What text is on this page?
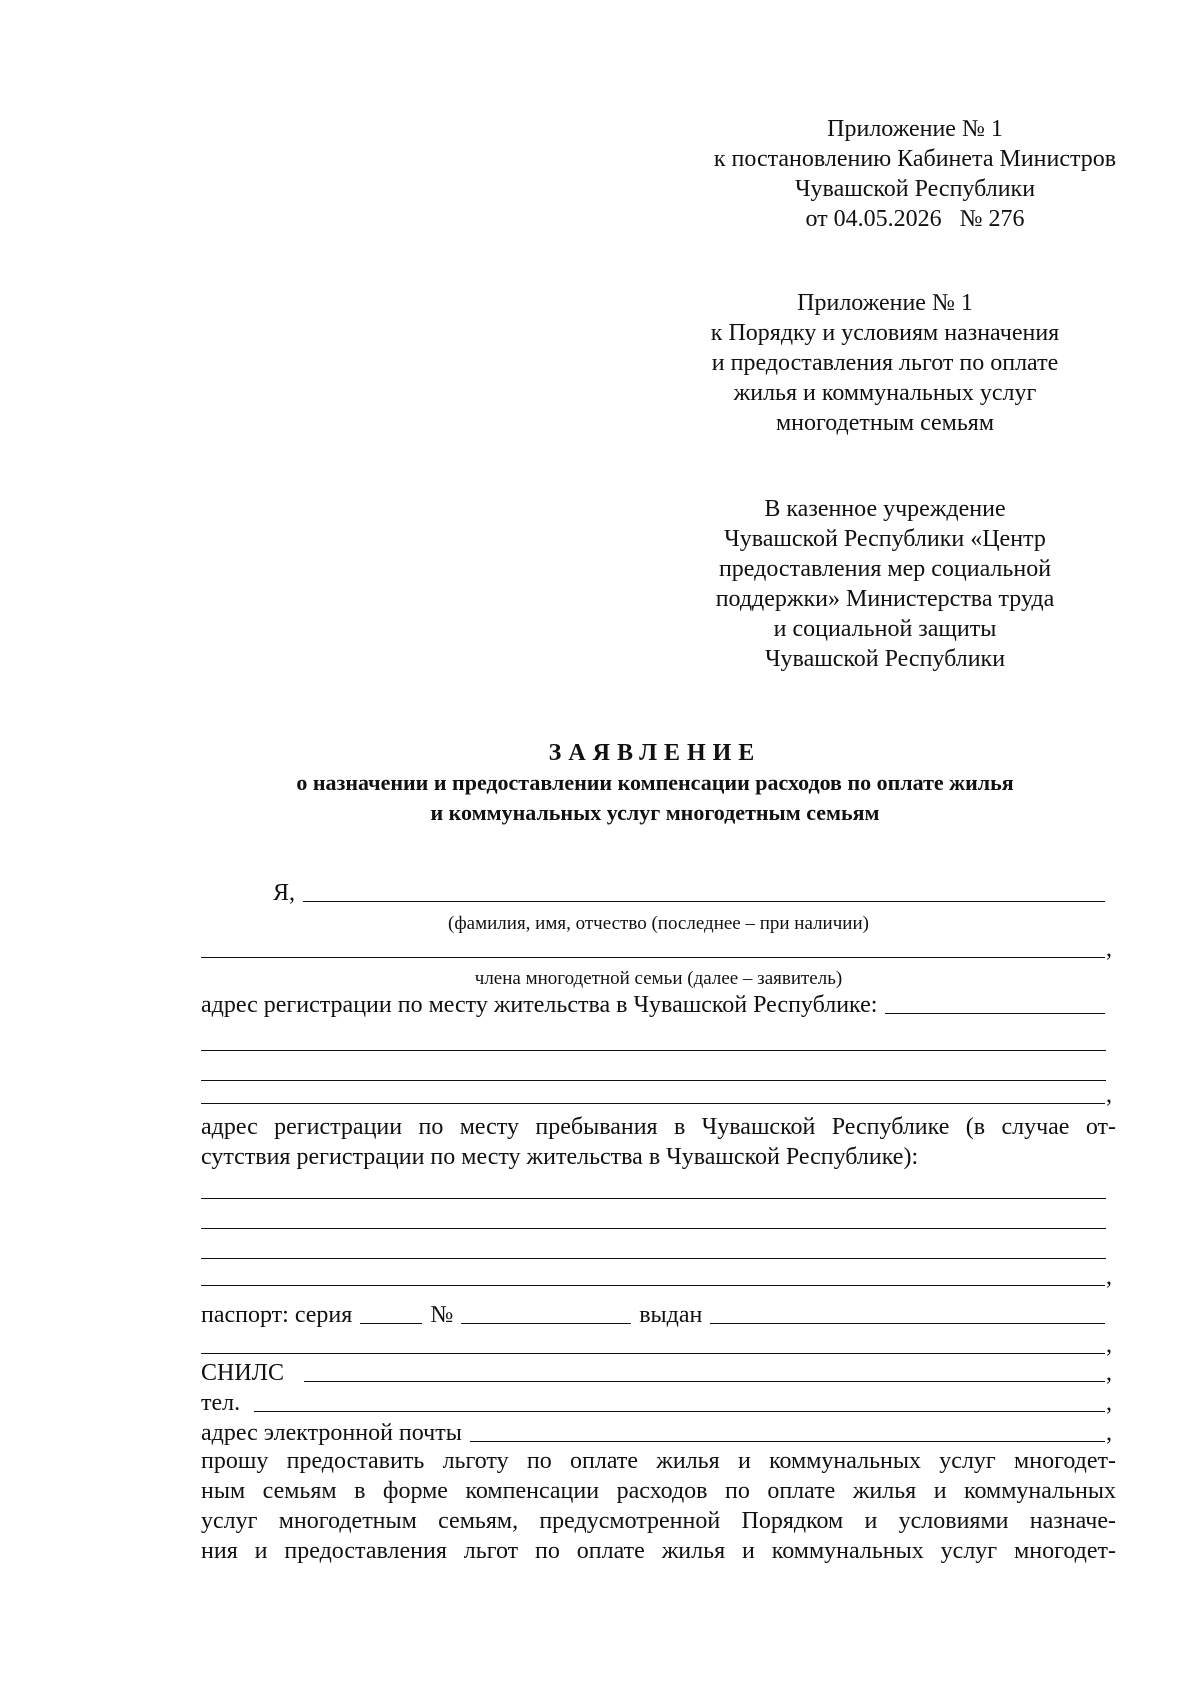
Приложение № 1
к постановлению Кабинета Министров
Чувашской Республики
от 04.05.2026   № 276
Приложение № 1
к Порядку и условиям назначения
и предоставления льгот по оплате
жилья и коммунальных услуг
многодетным семьям
В казенное учреждение
Чувашской Республики «Центр
предоставления мер социальной
поддержки» Министерства труда
и социальной защиты
Чувашской Республики
ЗАЯВЛЕНИЕ
о назначении и предоставлении компенсации расходов по оплате жилья
и коммунальных услуг многодетным семьям
Я,
(фамилия, имя, отчество (последнее – при наличии)
,
члена многодетной семьи (далее – заявитель)
адрес регистрации по месту жительства в Чувашской Республике:
,
адрес регистрации по месту пребывания в Чувашской Республике (в случае от-
сутствия регистрации по месту жительства в Чувашской Республике):
,
паспорт: серия	№	выдан
,
СНИЛС	,
тел.	,
адрес электронной почты	,
прошу предоставить льготу по оплате жилья и коммунальных услуг многодет-
ным семьям в форме компенсации расходов по оплате жилья и коммунальных
услуг многодетным семьям, предусмотренной Порядком и условиями назначе-
ния и предоставления льгот по оплате жилья и коммунальных услуг многодет-
